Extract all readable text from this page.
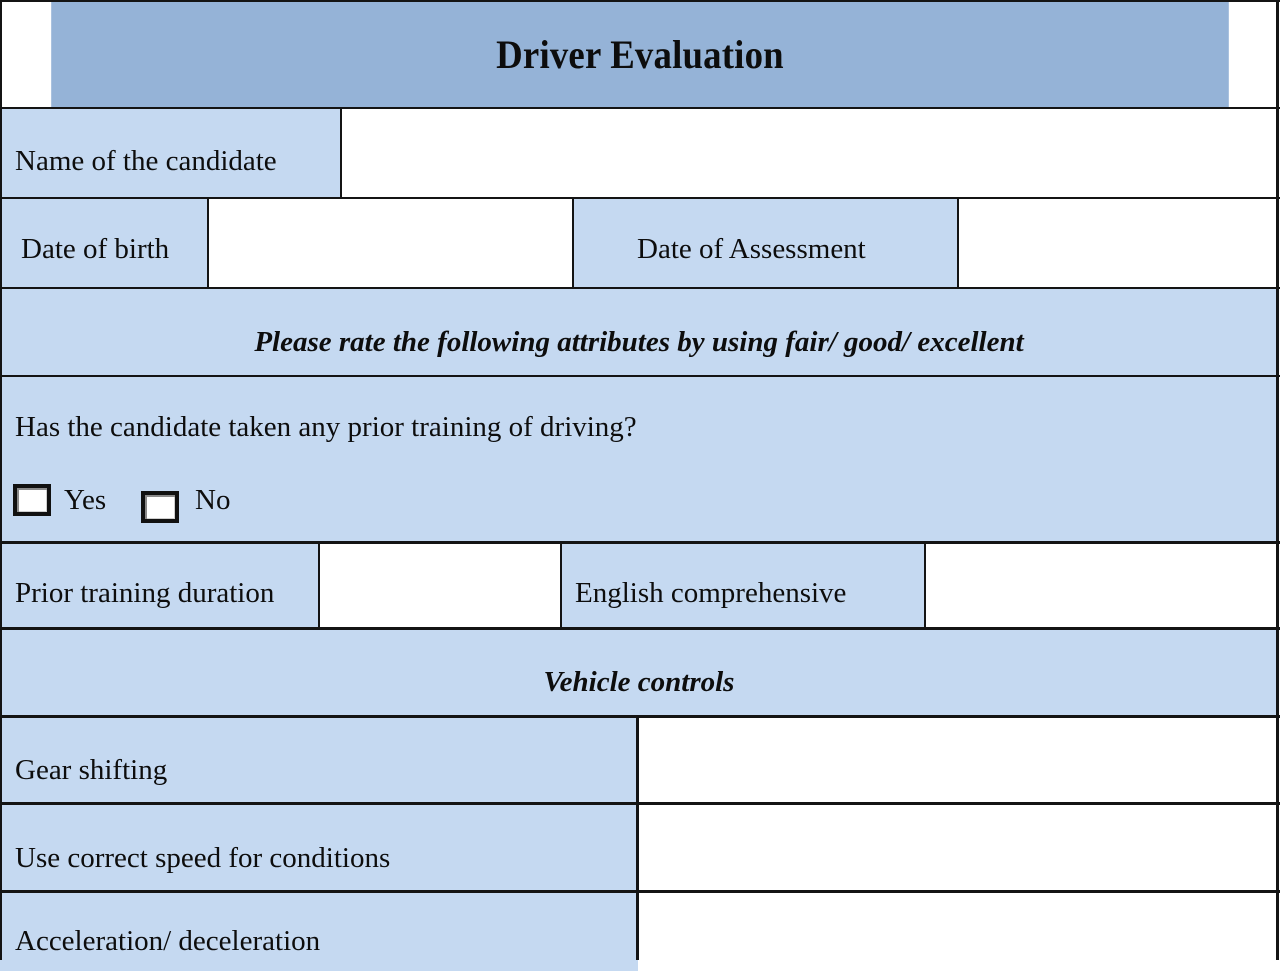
Driver Evaluation
Name of the candidate
Date of birth	Date of Assessment
Please rate the following attributes by using fair/ good/ excellent
Has the candidate taken any prior training of driving?
Yes	No
Prior training duration	English comprehensive
Vehicle controls
Gear shifting
Use correct speed for conditions
Acceleration/ deceleration
